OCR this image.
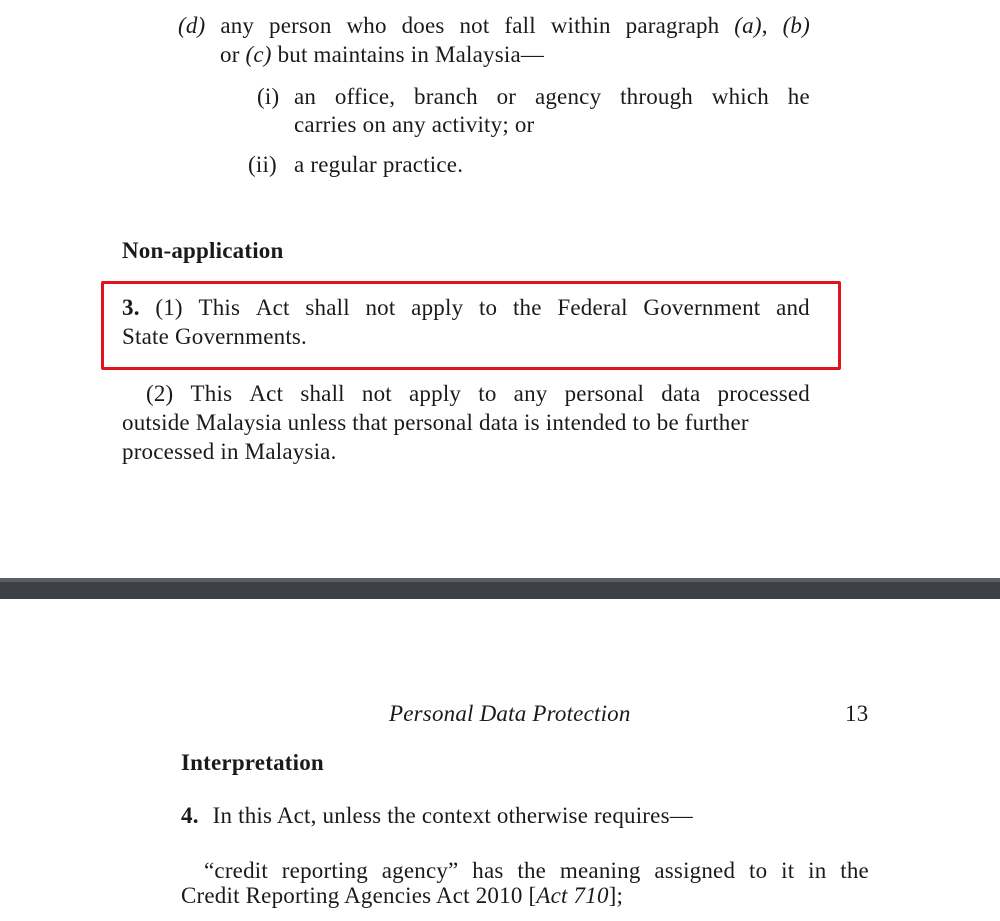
(d) any person who does not fall within paragraph (a), (b)
or (c) but maintains in Malaysia—
(i) an office, branch or agency through which he
carries on any activity; or
(ii) a regular practice.
Non-application
3. (1) This Act shall not apply to the Federal Government and
State Governments.
(2) This Act shall not apply to any personal data processed
outside Malaysia unless that personal data is intended to be further
processed in Malaysia.
Personal Data Protection	13
Interpretation
4. In this Act, unless the context otherwise requires—
“credit reporting agency” has the meaning assigned to it in the
Credit Reporting Agencies Act 2010 [Act 710];
